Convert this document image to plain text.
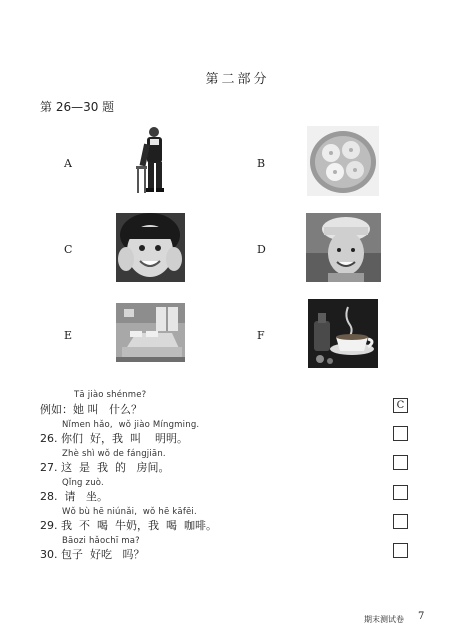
第二部分
第 26—30 题
A	B
C	D
E	F
Tā jiào shénme?
例如：她 叫   什么？	C
Nǐmen hǎo,  wǒ jiào Míngming.
26. 你们  好，我  叫    明明。
Zhè shì wǒ de fángjiān.
27. 这  是  我  的   房间。
Qǐng zuò.
28.  请   坐。
Wǒ bù hē niúnǎi,  wǒ hē kāfēi.
29. 我  不  喝  牛奶，我  喝  咖啡。
Bāozi hǎochī ma?
30. 包子  好吃   吗？
期末测试卷 7
